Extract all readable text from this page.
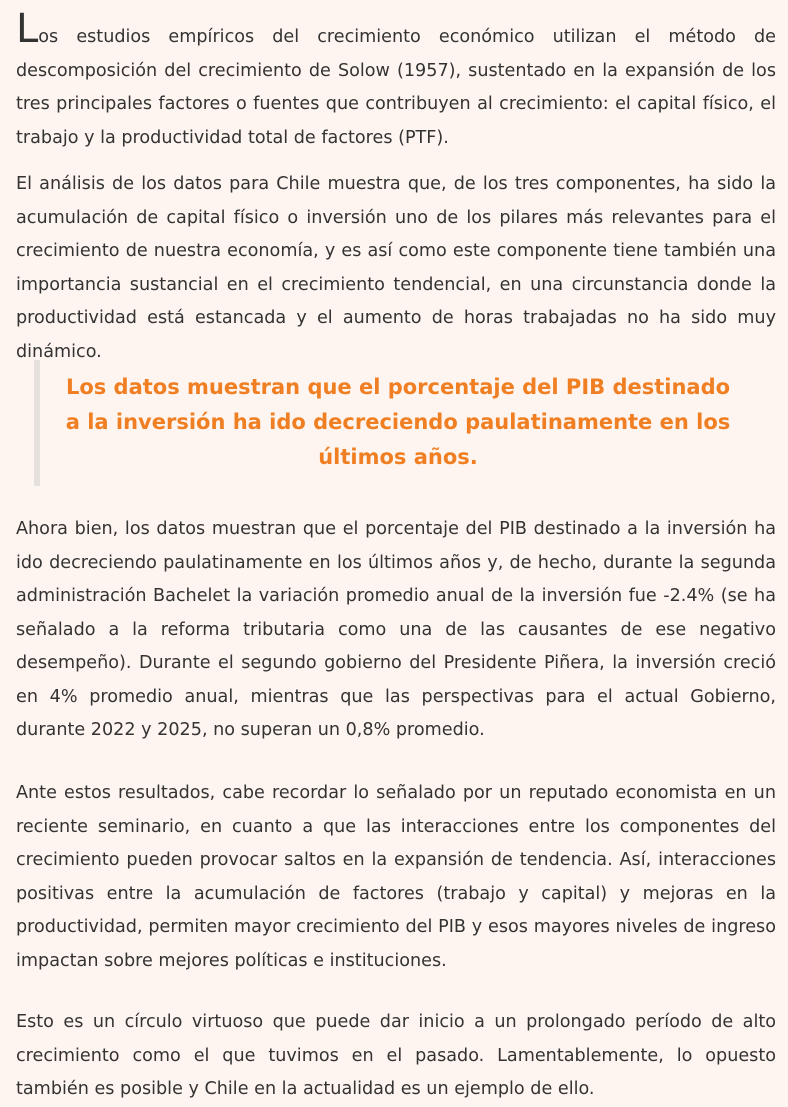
Los estudios empíricos del crecimiento económico utilizan el método de descomposición del crecimiento de Solow (1957), sustentado en la expansión de los tres principales factores o fuentes que contribuyen al crecimiento: el capital físico, el trabajo y la productividad total de factores (PTF).

El análisis de los datos para Chile muestra que, de los tres componentes, ha sido la acumulación de capital físico o inversión uno de los pilares más relevantes para el crecimiento de nuestra economía, y es así como este componente tiene también una importancia sustancial en el crecimiento tendencial, en una circunstancia donde la productividad está estancada y el aumento de horas trabajadas no ha sido muy dinámico.

Los datos muestran que el porcentaje del PIB destinado a la inversión ha ido decreciendo paulatinamente en los últimos años.

Ahora bien, los datos muestran que el porcentaje del PIB destinado a la inversión ha ido decreciendo paulatinamente en los últimos años y, de hecho, durante la segunda administración Bachelet la variación promedio anual de la inversión fue -2.4% (se ha señalado a la reforma tributaria como una de las causantes de ese negativo desempeño). Durante el segundo gobierno del Presidente Piñera, la inversión creció en 4% promedio anual, mientras que las perspectivas para el actual Gobierno, durante 2022 y 2025, no superan un 0,8% promedio.

Ante estos resultados, cabe recordar lo señalado por un reputado economista en un reciente seminario, en cuanto a que las interacciones entre los componentes del crecimiento pueden provocar saltos en la expansión de tendencia. Así, interacciones positivas entre la acumulación de factores (trabajo y capital) y mejoras en la productividad, permiten mayor crecimiento del PIB y esos mayores niveles de ingreso impactan sobre mejores políticas e instituciones.

Esto es un círculo virtuoso que puede dar inicio a un prolongado período de alto crecimiento como el que tuvimos en el pasado. Lamentablemente, lo opuesto también es posible y Chile en la actualidad es un ejemplo de ello.
